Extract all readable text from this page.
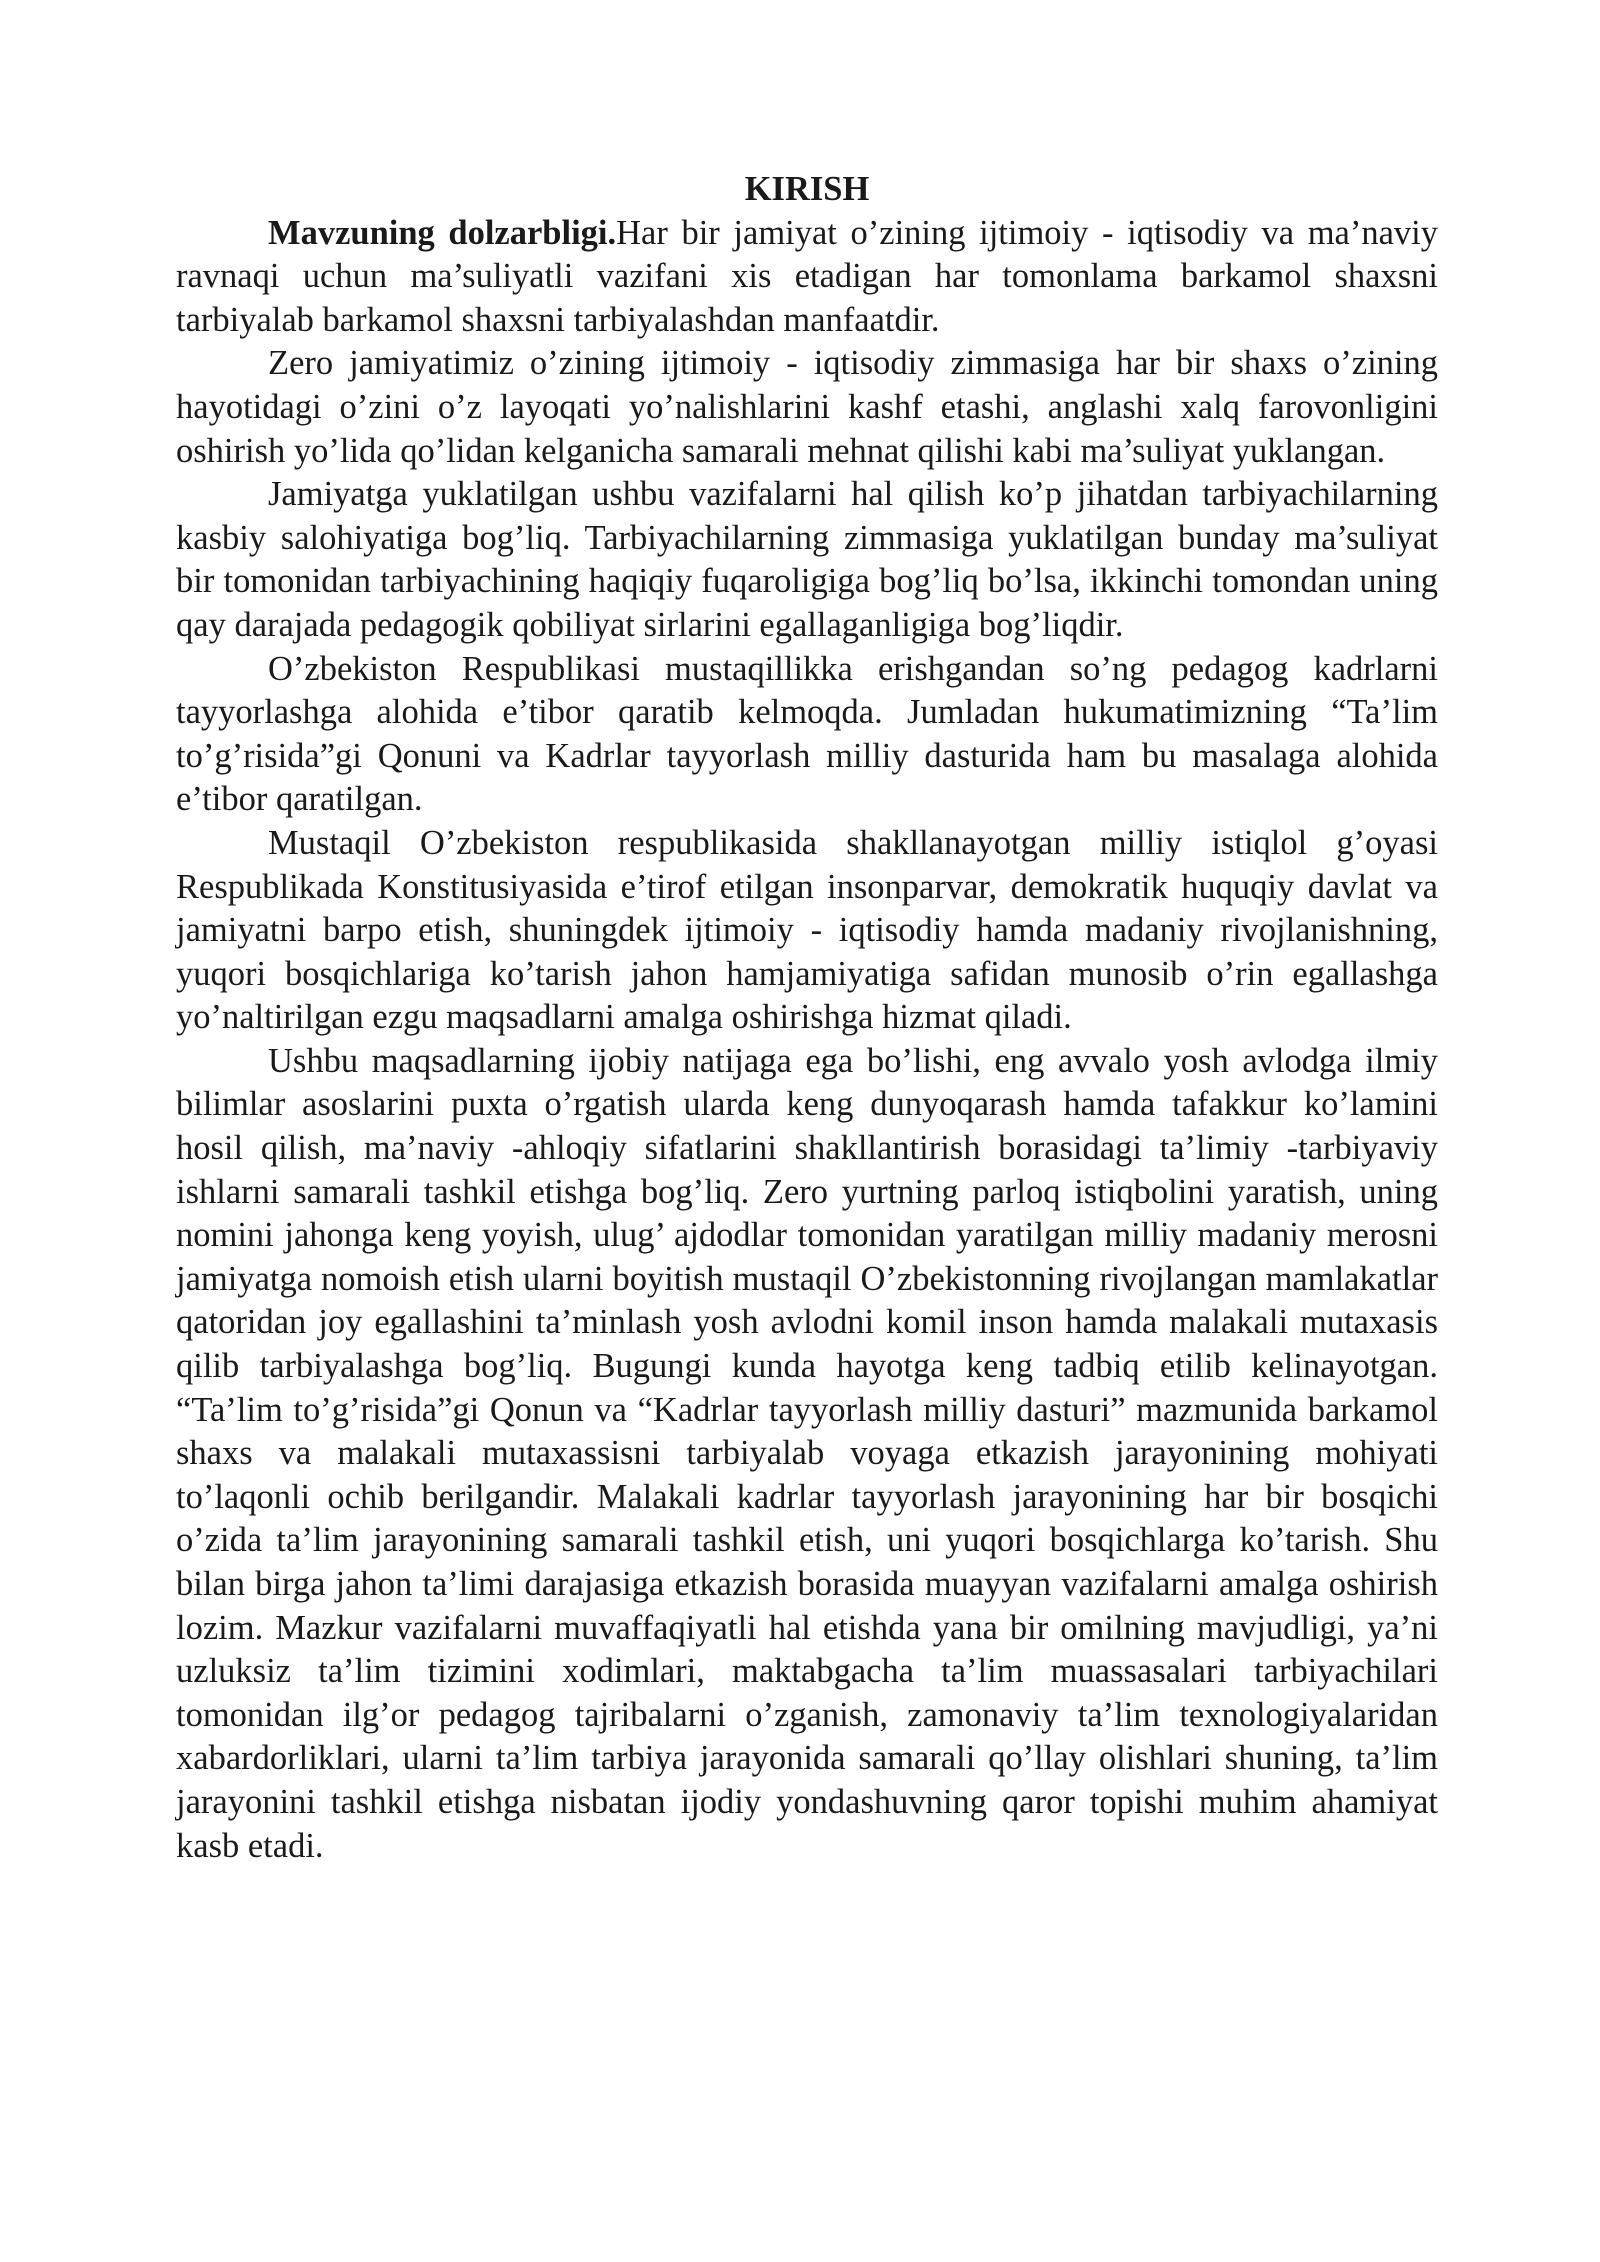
KIRISH

Mavzuning dolzarbligi.Har bir jamiyat o’zining ijtimoiy - iqtisodiy va ma’naviy ravnaqi uchun ma’suliyatli vazifani xis etadigan har tomonlama barkamol shaxsni tarbiyalab barkamol shaxsni tarbiyalashdan manfaatdir.

Zero jamiyatimiz o’zining ijtimoiy - iqtisodiy zimmasiga har bir shaxs o’zining hayotidagi o’zini o’z layoqati yo’nalishlarini kashf etashi, anglashi xalq farovonligini oshirish yo’lida qo’lidan kelganicha samarali mehnat qilishi kabi ma’suliyat yuklangan.

Jamiyatga yuklatilgan ushbu vazifalarni hal qilish ko’p jihatdan tarbiyachilarning kasbiy salohiyatiga bog’liq. Tarbiyachilarning zimmasiga yuklatilgan bunday ma’suliyat bir tomonidan tarbiyachining haqiqiy fuqaroligiga bog’liq bo’lsa, ikkinchi tomondan uning qay darajada pedagogik qobiliyat sirlarini egallaganligiga bog’liqdir.

O’zbekiston Respublikasi mustaqillikka erishgandan so’ng pedagog kadrlarni tayyorlashga alohida e’tibor qaratib kelmoqda. Jumladan hukumatimizning “Ta’lim to’g’risida”gi Qonuni va Kadrlar tayyorlash milliy dasturida ham bu masalaga alohida e’tibor qaratilgan.

Mustaqil O’zbekiston respublikasida shakllanayotgan milliy istiqlol g’oyasi Respublikada Konstitusiyasida e’tirof etilgan insonparvar, demokratik huquqiy davlat va jamiyatni barpo etish, shuningdek ijtimoiy - iqtisodiy hamda madaniy rivojlanishning, yuqori bosqichlariga ko’tarish jahon hamjamiyatiga safidan munosib o’rin egallashga yo’naltirilgan ezgu maqsadlarni amalga oshirishga hizmat qiladi.

Ushbu maqsadlarning ijobiy natijaga ega bo’lishi, eng avvalo yosh avlodga ilmiy bilimlar asoslarini puxta o’rgatish ularda keng dunyoqarash hamda tafakkur ko’lamini hosil qilish, ma’naviy -ahloqiy sifatlarini shakllantirish borasidagi ta’limiy -tarbiyaviy ishlarni samarali tashkil etishga bog’liq. Zero yurtning parloq istiqbolini yaratish, uning nomini jahonga keng yoyish, ulug’ ajdodlar tomonidan yaratilgan milliy madaniy merosni jamiyatga nomoish etish ularni boyitish mustaqil O’zbekistonning rivojlangan mamlakatlar qatoridan joy egallashini ta’minlash yosh avlodni komil inson hamda malakali mutaxasis qilib tarbiyalashga bog’liq. Bugungi kunda hayotga keng tadbiq etilib kelinayotgan. “Ta’lim to’g’risida”gi Qonun va “Kadrlar tayyorlash milliy dasturi” mazmunida barkamol shaxs va malakali mutaxassisni tarbiyalab voyaga etkazish jarayonining mohiyati to’laqonli ochib berilgandir. Malakali kadrlar tayyorlash jarayonining har bir bosqichi o’zida ta’lim jarayonining samarali tashkil etish, uni yuqori bosqichlarga ko’tarish. Shu bilan birga jahon ta’limi darajasiga etkazish borasida muayyan vazifalarni amalga oshirish lozim. Mazkur vazifalarni muvaffaqiyatli hal etishda yana bir omilning mavjudligi, ya’ni uzluksiz ta’lim tizimini xodimlari, maktabgacha ta’lim muassasalari tarbiyachilari tomonidan ilg’or pedagog tajribalarni o’zganish, zamonaviy ta’lim texnologiyalaridan xabardorliklari, ularni ta’lim tarbiya jarayonida samarali qo’llay olishlari shuning, ta’lim jarayonini tashkil etishga nisbatan ijodiy yondashuvning qaror topishi muhim ahamiyat kasb etadi.
